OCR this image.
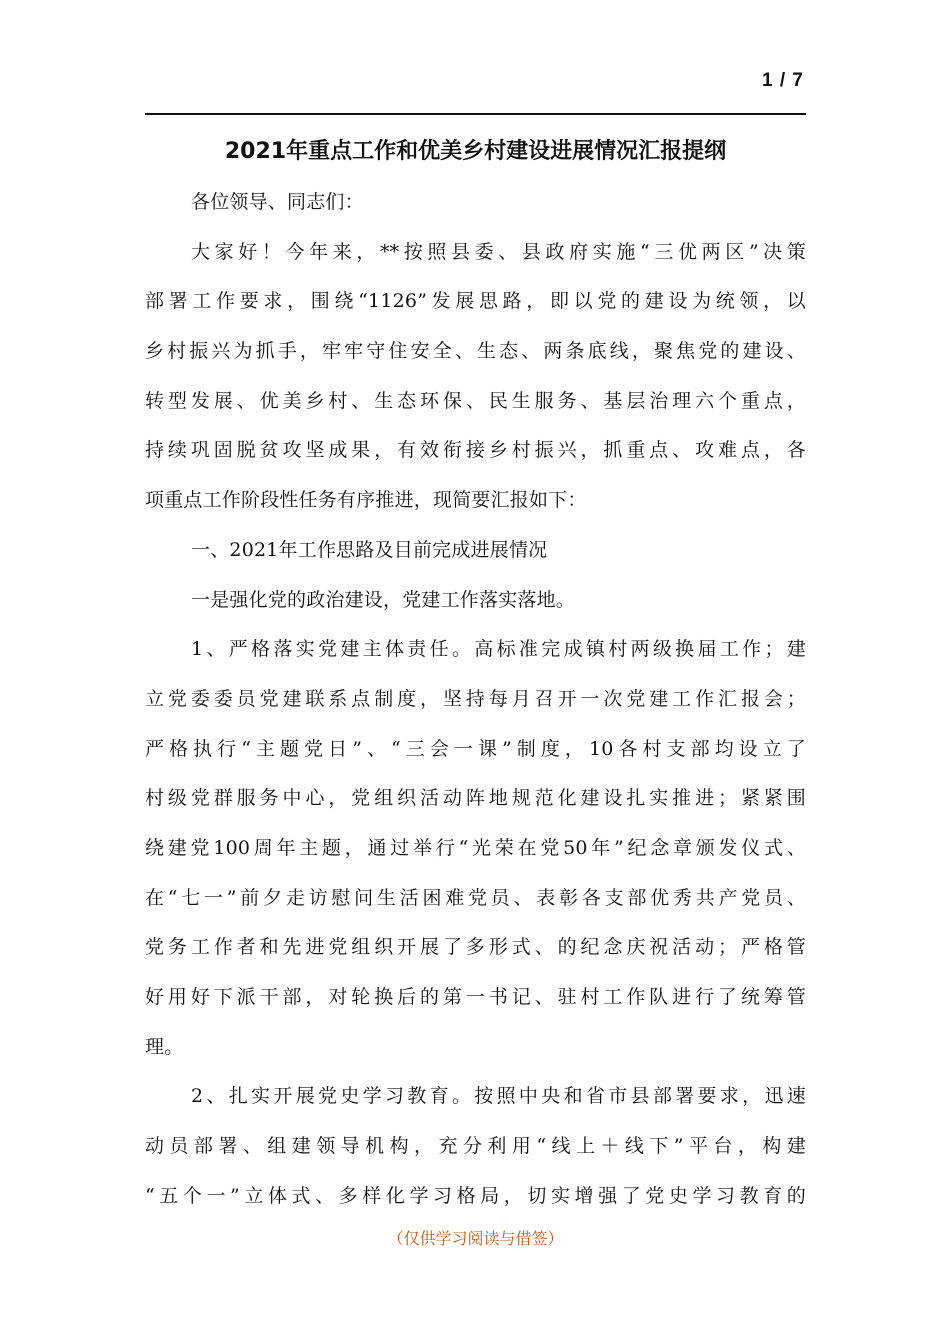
1 / 7
2021年重点工作和优美乡村建设进展情况汇报提纲
各位领导、同志们：
大家好！今年来，**按照县委、县政府实施“三优两区”决策
部署工作要求，围绕“1126”发展思路，即以党的建设为统领，以
乡村振兴为抓手，牢牢守住安全、生态、两条底线，聚焦党的建设、
转型发展、优美乡村、生态环保、民生服务、基层治理六个重点，
持续巩固脱贫攻坚成果，有效衔接乡村振兴，抓重点、攻难点，各
项重点工作阶段性任务有序推进，现简要汇报如下：
一、2021年工作思路及目前完成进展情况
一是强化党的政治建设，党建工作落实落地。
1、严格落实党建主体责任。高标准完成镇村两级换届工作；建
立党委委员党建联系点制度，坚持每月召开一次党建工作汇报会；
严格执行“主题党日”、“三会一课”制度，10各村支部均设立了
村级党群服务中心，党组织活动阵地规范化建设扎实推进；紧紧围
绕建党100周年主题，通过举行“光荣在党50年”纪念章颁发仪式、
在“七一”前夕走访慰问生活困难党员、表彰各支部优秀共产党员、
党务工作者和先进党组织开展了多形式、的纪念庆祝活动；严格管
好用好下派干部，对轮换后的第一书记、驻村工作队进行了统筹管
理。
2、扎实开展党史学习教育。按照中央和省市县部署要求，迅速
动员部署、组建领导机构，充分利用“线上＋线下”平台，构建
“五个一”立体式、多样化学习格局，切实增强了党史学习教育的
（仅供学习阅读与借签）
